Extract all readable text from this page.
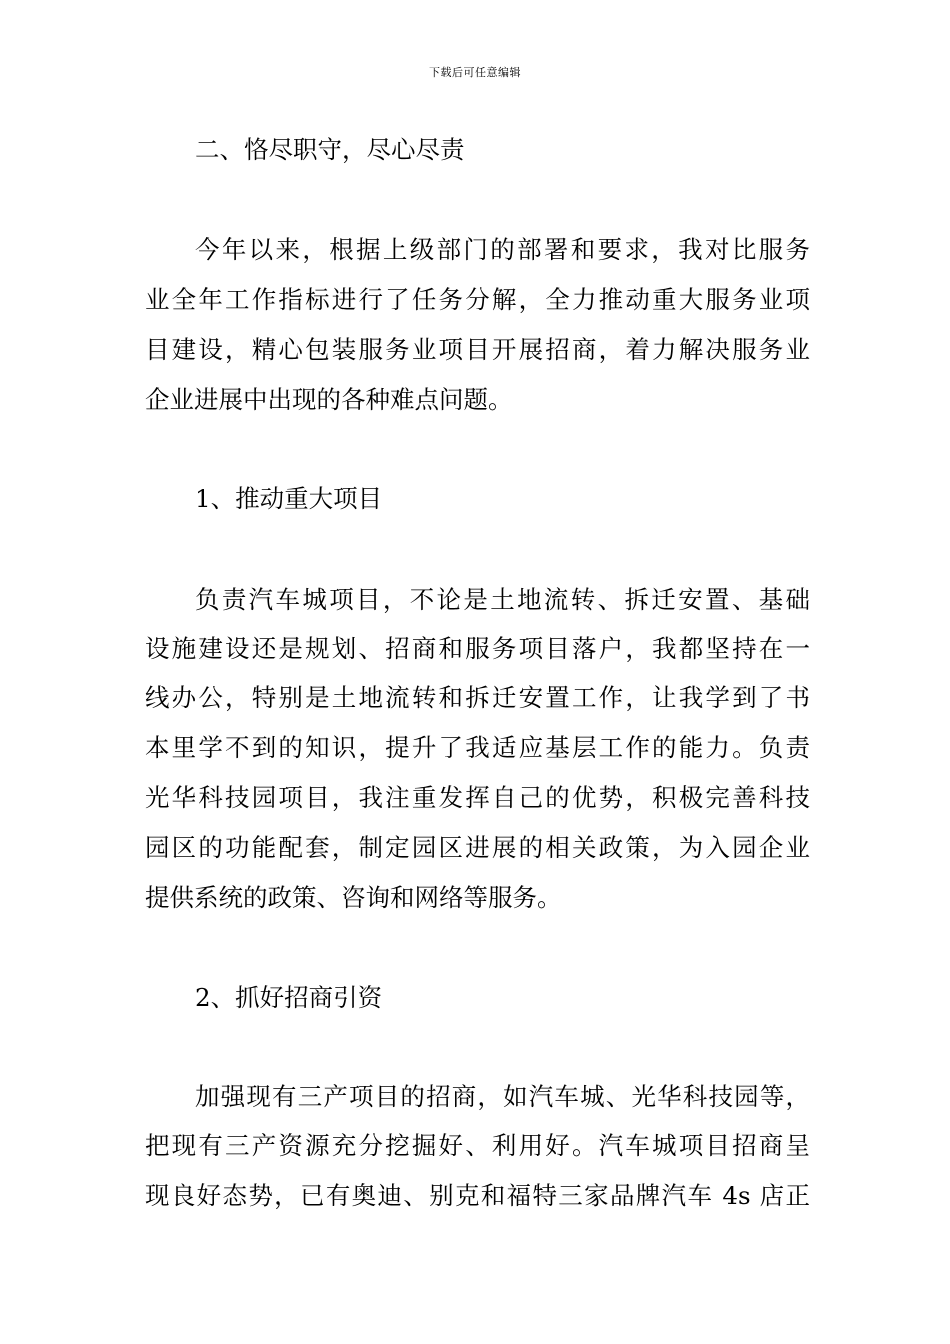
下载后可任意编辑
二、恪尽职守，尽心尽责
今年以来，根据上级部门的部署和要求，我对比服务
业全年工作指标进行了任务分解，全力推动重大服务业项
目建设，精心包装服务业项目开展招商，着力解决服务业
企业进展中出现的各种难点问题。
1、推动重大项目
负责汽车城项目，不论是土地流转、拆迁安置、基础
设施建设还是规划、招商和服务项目落户，我都坚持在一
线办公，特别是土地流转和拆迁安置工作，让我学到了书
本里学不到的知识，提升了我适应基层工作的能力。负责
光华科技园项目，我注重发挥自己的优势，积极完善科技
园区的功能配套，制定园区进展的相关政策，为入园企业
提供系统的政策、咨询和网络等服务。
2、抓好招商引资
加强现有三产项目的招商，如汽车城、光华科技园等，
把现有三产资源充分挖掘好、利用好。汽车城项目招商呈
现良好态势，已有奥迪、别克和福特三家品牌汽车 4s 店正
